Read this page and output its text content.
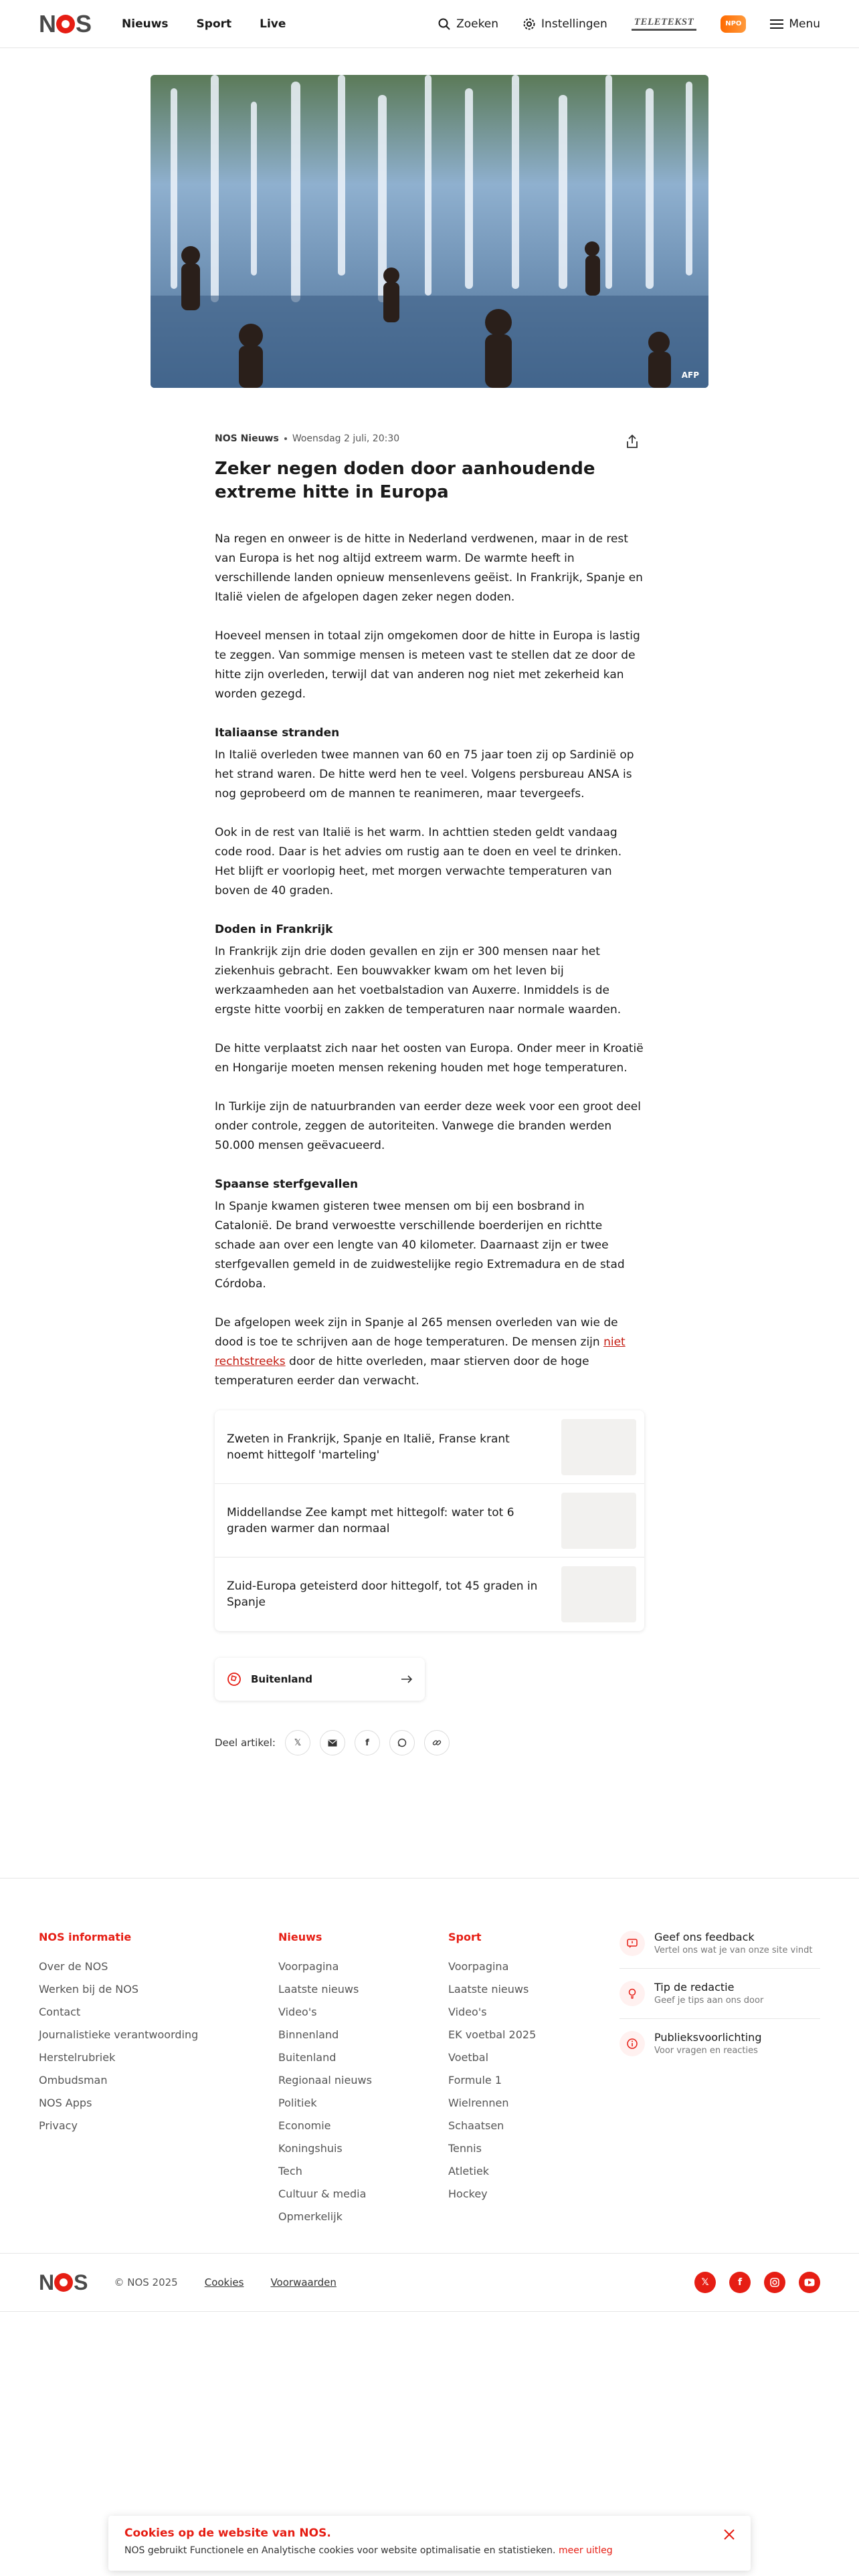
N S	Nieuws Sport Live	Zoeken	Instellingen	TELETEKST	NPO	Menu
AFP
NOS Nieuws Woensdag 2 juli, 20:30
Zeker negen doden door aanhoudende extreme hitte in Europa

Na regen en onweer is de hitte in Nederland verdwenen, maar in de rest van Europa is het nog altijd extreem warm. De warmte heeft in verschillende landen opnieuw mensenlevens geëist. In Frankrijk, Spanje en Italië vielen de afgelopen dagen zeker negen doden.

Hoeveel mensen in totaal zijn omgekomen door de hitte in Europa is lastig te zeggen. Van sommige mensen is meteen vast te stellen dat ze door de hitte zijn overleden, terwijl dat van anderen nog niet met zekerheid kan worden gezegd.

Italiaanse stranden

In Italië overleden twee mannen van 60 en 75 jaar toen zij op Sardinië op het strand waren. De hitte werd hen te veel. Volgens persbureau ANSA is nog geprobeerd om de mannen te reanimeren, maar tevergeefs.

Ook in de rest van Italië is het warm. In achttien steden geldt vandaag code rood. Daar is het advies om rustig aan te doen en veel te drinken. Het blijft er voorlopig heet, met morgen verwachte temperaturen van boven de 40 graden.

Doden in Frankrijk

In Frankrijk zijn drie doden gevallen en zijn er 300 mensen naar het ziekenhuis gebracht. Een bouwvakker kwam om het leven bij werkzaamheden aan het voetbalstadion van Auxerre. Inmiddels is de ergste hitte voorbij en zakken de temperaturen naar normale waarden.

De hitte verplaatst zich naar het oosten van Europa. Onder meer in Kroatië en Hongarije moeten mensen rekening houden met hoge temperaturen.

In Turkije zijn de natuurbranden van eerder deze week voor een groot deel onder controle, zeggen de autoriteiten. Vanwege die branden werden 50.000 mensen geëvacueerd.

Spaanse sterfgevallen

In Spanje kwamen gisteren twee mensen om bij een bosbrand in Catalonië. De brand verwoestte verschillende boerderijen en richtte schade aan over een lengte van 40 kilometer. Daarnaast zijn er twee sterfgevallen gemeld in de zuidwestelijke regio Extremadura en de stad Córdoba.

De afgelopen week zijn in Spanje al 265 mensen overleden van wie de dood is toe te schrijven aan de hoge temperaturen. De mensen zijn niet rechtstreeks door de hitte overleden, maar stierven door de hoge temperaturen eerder dan verwacht.

Zweten in Frankrijk, Spanje en Italië, Franse krant noemt hittegolf 'marteling'
Middellandse Zee kampt met hittegolf: water tot 6 graden warmer dan normaal
Zuid-Europa geteisterd door hittegolf, tot 45 graden in Spanje
Buitenland
Deel artikel: 𝕏	f
NOS informatie
Over de NOS
Werken bij de NOS
Contact
Journalistieke verantwoording
Herstelrubriek
Ombudsman
NOS Apps
Privacy
Nieuws
Voorpagina
Laatste nieuws
Video's
Binnenland
Buitenland
Regionaal nieuws
Politiek
Economie
Koningshuis
Tech
Cultuur & media
Opmerkelijk
Sport
Voorpagina
Laatste nieuws
Video's
EK voetbal 2025
Voetbal
Formule 1
Wielrennen
Schaatsen
Tennis
Atletiek
Hockey
Geef ons feedback
Vertel ons wat je van onze site vindt
Tip de redactie
Geef je tips aan ons door
Publieksvoorlichting
Voor vragen en reacties
N S	© NOS 2025	Cookies	Voorwaarden	𝕏	f
Cookies op de website van NOS.
NOS gebruikt Functionele en Analytische cookies voor website optimalisatie en statistieken. meer uitleg
